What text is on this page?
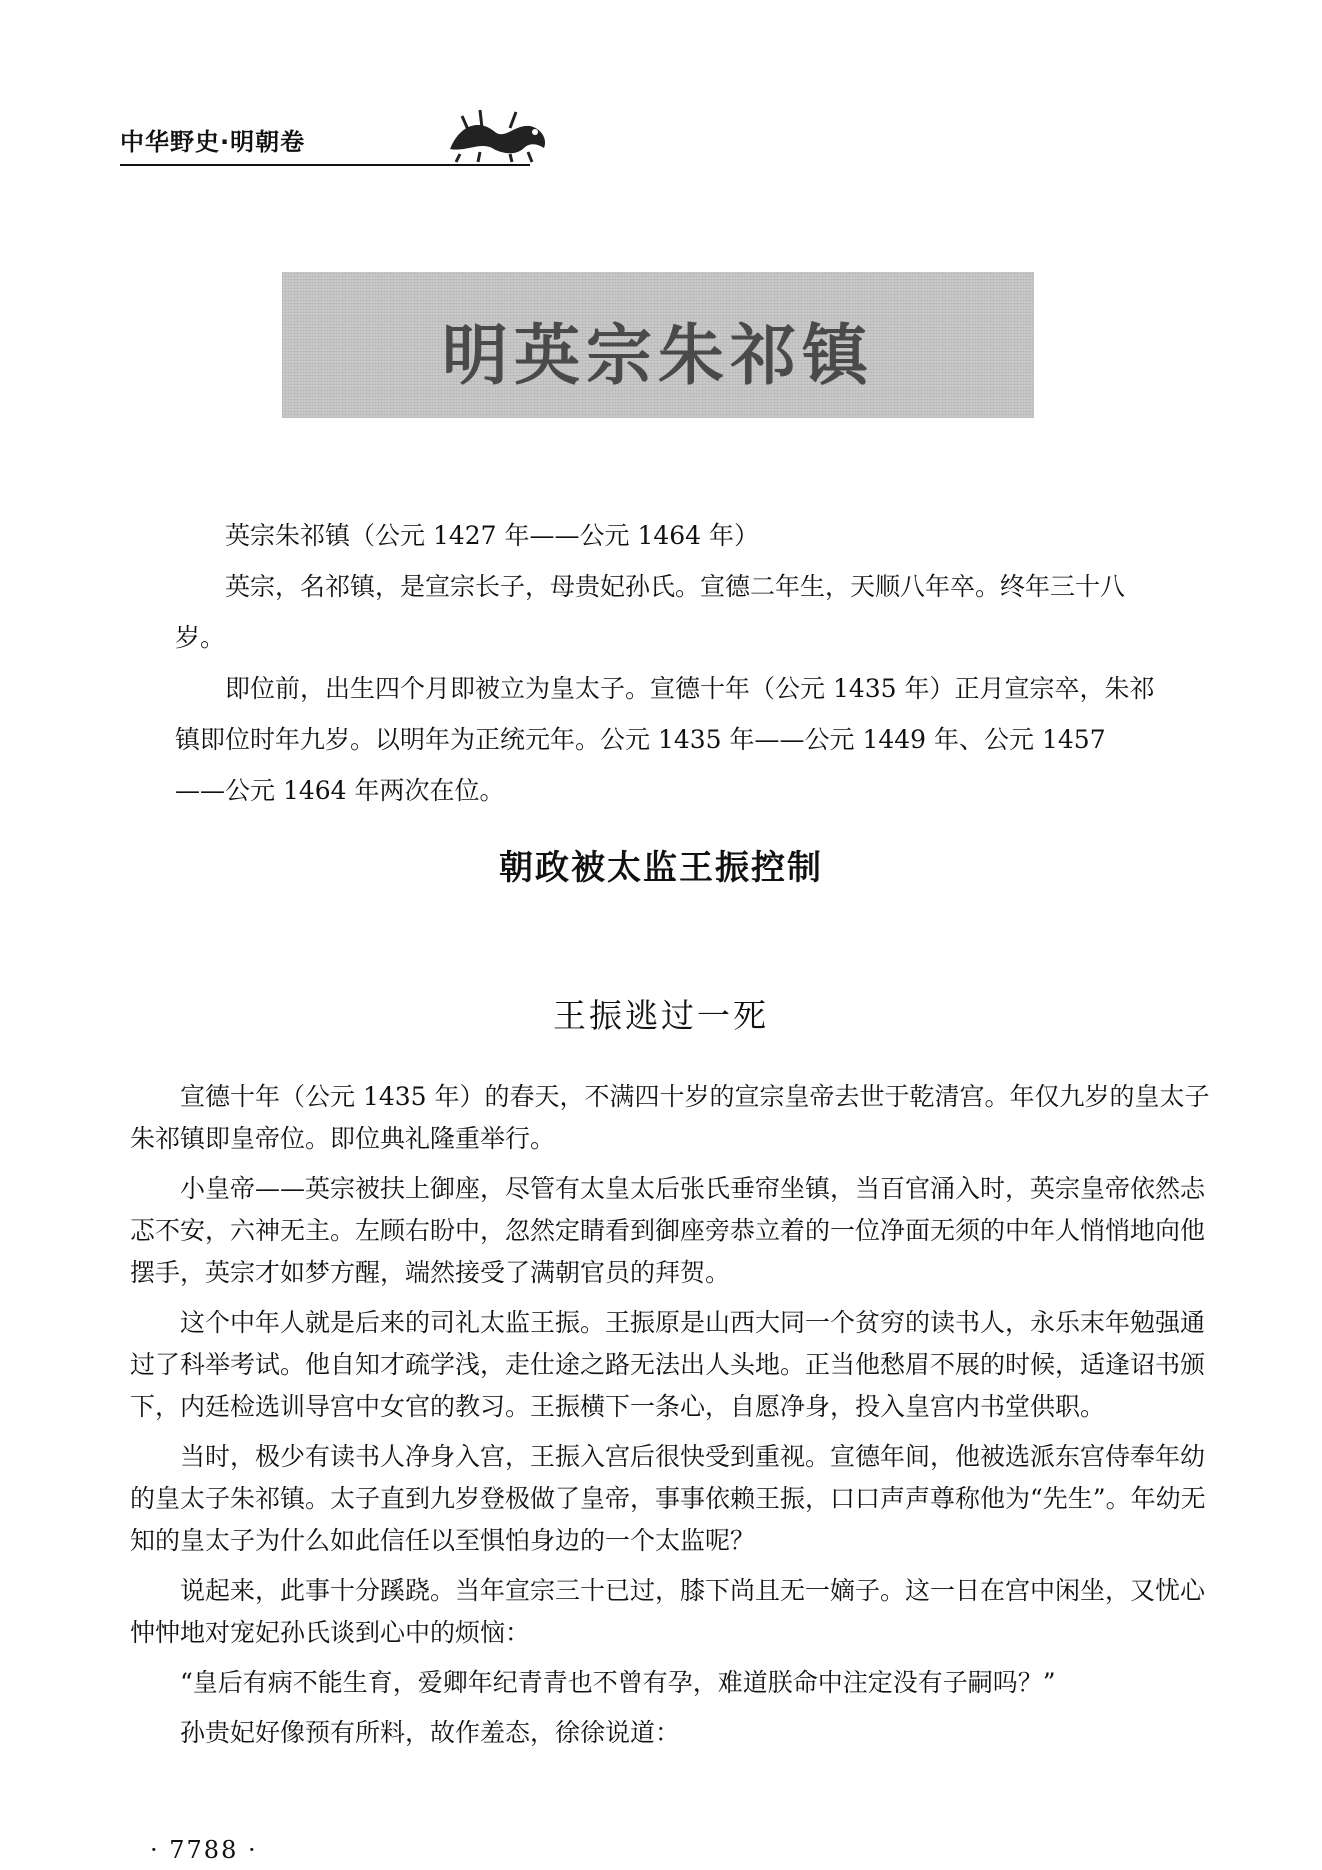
中华野史·明朝卷
明英宗朱祁镇

英宗朱祁镇（公元 1427 年——公元 1464 年）

英宗，名祁镇，是宣宗长子，母贵妃孙氏。宣德二年生，天顺八年卒。终年三十八岁。

即位前，出生四个月即被立为皇太子。宣德十年（公元 1435 年）正月宣宗卒，朱祁镇即位时年九岁。以明年为正统元年。公元 1435 年——公元 1449 年、公元 1457——公元 1464 年两次在位。

朝政被太监王振控制
王振逃过一死

宣德十年（公元 1435 年）的春天，不满四十岁的宣宗皇帝去世于乾清宫。年仅九岁的皇太子朱祁镇即皇帝位。即位典礼隆重举行。

小皇帝——英宗被扶上御座，尽管有太皇太后张氏垂帘坐镇，当百官涌入时，英宗皇帝依然忐忑不安，六神无主。左顾右盼中，忽然定睛看到御座旁恭立着的一位净面无须的中年人悄悄地向他摆手，英宗才如梦方醒，端然接受了满朝官员的拜贺。

这个中年人就是后来的司礼太监王振。王振原是山西大同一个贫穷的读书人，永乐末年勉强通过了科举考试。他自知才疏学浅，走仕途之路无法出人头地。正当他愁眉不展的时候，适逢诏书颁下，内廷检选训导宫中女官的教习。王振横下一条心，自愿净身，投入皇宫内书堂供职。

当时，极少有读书人净身入宫，王振入宫后很快受到重视。宣德年间，他被选派东宫侍奉年幼的皇太子朱祁镇。太子直到九岁登极做了皇帝，事事依赖王振，口口声声尊称他为“先生”。年幼无知的皇太子为什么如此信任以至惧怕身边的一个太监呢？

说起来，此事十分蹊跷。当年宣宗三十已过，膝下尚且无一嫡子。这一日在宫中闲坐，又忧心忡忡地对宠妃孙氏谈到心中的烦恼：

“皇后有病不能生育，爱卿年纪青青也不曾有孕，难道朕命中注定没有子嗣吗？”

孙贵妃好像预有所料，故作羞态，徐徐说道：

· 7788 ·
